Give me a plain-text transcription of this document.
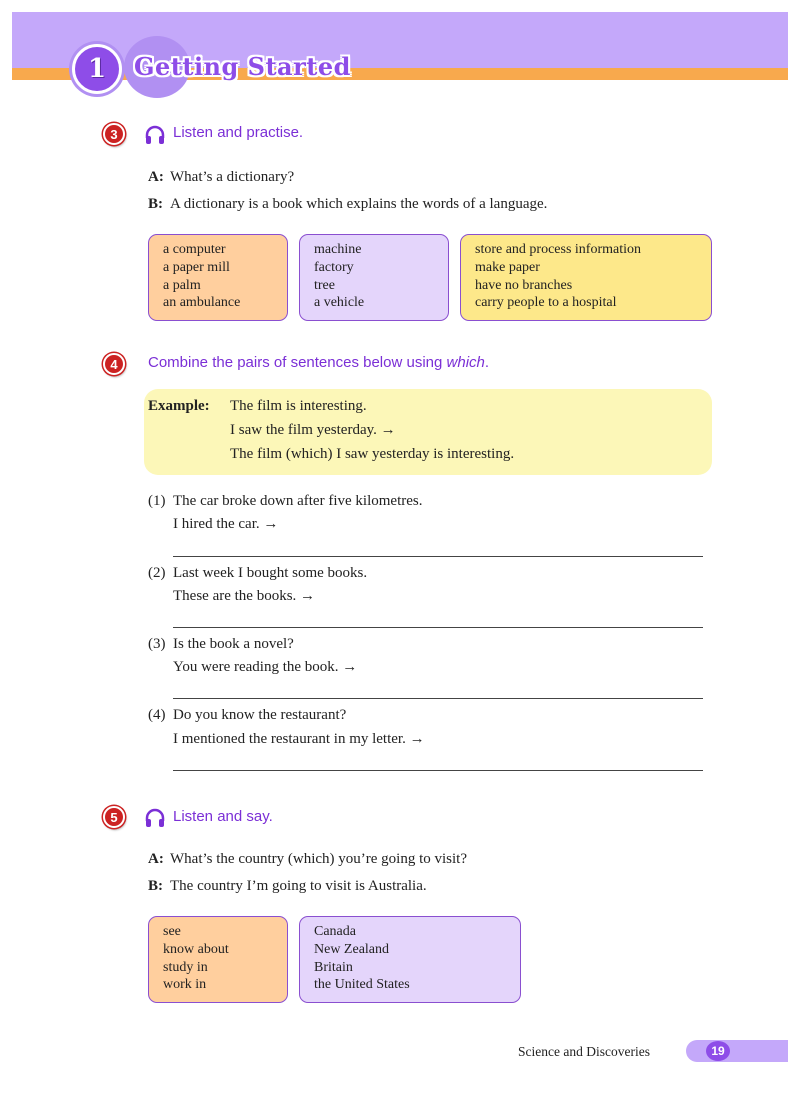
1 Getting Started
3	Listen and practise.
A: What’s a dictionary?
B: A dictionary is a book which explains the words of a language.
a computer
a paper mill
a palm
an ambulance
machine
factory
tree
a vehicle
store and process information
make paper
have no branches
carry people to a hospital
4	Combine the pairs of sentences below using which.
Example: The film is interesting.
I saw the film yesterday. →
The film (which) I saw yesterday is interesting.
(1) The car broke down after five kilometres.
I hired the car. →
(2) Last week I bought some books.
These are the books. →
(3) Is the book a novel?
You were reading the book. →
(4) Do you know the restaurant?
I mentioned the restaurant in my letter. →
5	Listen and say.
A: What’s the country (which) you’re going to visit?
B: The country I’m going to visit is Australia.
see
know about
study in
work in
Canada
New Zealand
Britain
the United States
Science and Discoveries	19
